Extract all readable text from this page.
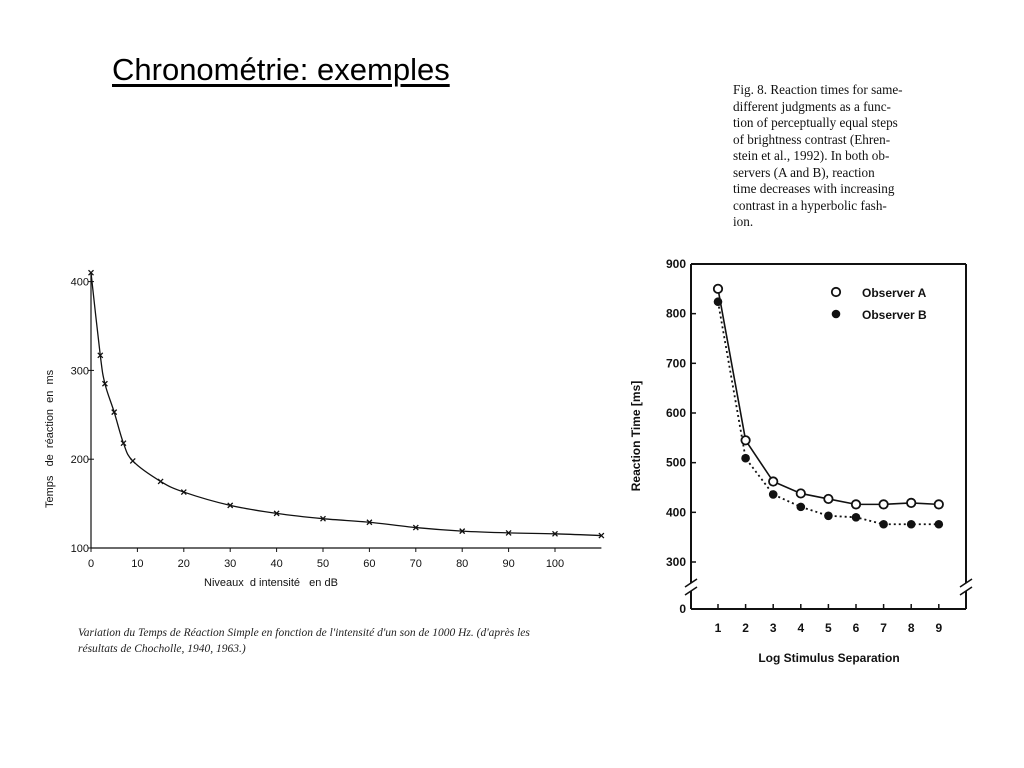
Chronométrie: exemples
Fig. 8. Reaction times for same-
different judgments as a func-
tion of perceptually equal steps
of brightness contrast (Ehren-
stein et al., 1992). In both ob-
servers (A and B), reaction
time decreases with increasing
contrast in a hyperbolic fash-
ion.
Variation du Temps de Réaction Simple en fonction de l'intensité d'un son de 1000 Hz. (d'après les
résultats de Chocholle, 1940, 1963.)
100
200
300
400
0	10	20	30	40	50	60	70	80	90	100
Niveaux  d intensité   en dB
Temps   de  réaction  en  ms
0
300
400
500
600
700
800
900
1 2 3 4 5 6 7 8 9
Log Stimulus Separation
Reaction Time [ms]
Observer A
Observer B
